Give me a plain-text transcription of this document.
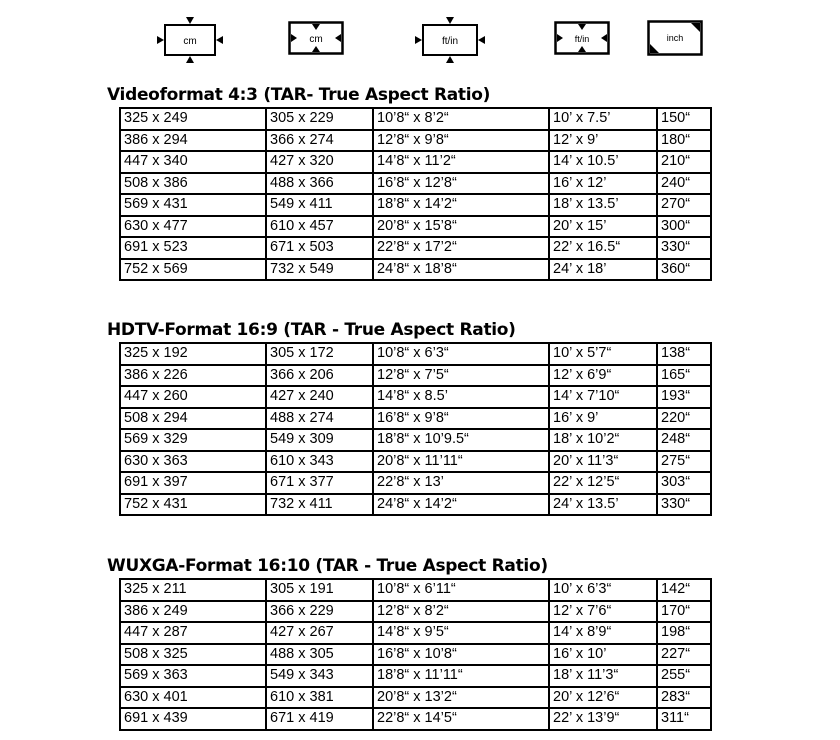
cm	cm	ft/in	ft/in	inch
Videoformat 4:3 (TAR- True Aspect Ratio)
325 x 249	305 x 229	10’8“ x 8’2“	10’ x 7.5’	150“
386 x 294	366 x 274	12’8“ x 9’8“	12’ x 9’	180“
447 x 340	427 x 320	14’8“ x 11’2“	14’ x 10.5’	210“
508 x 386	488 x 366	16’8“ x 12’8“	16’ x 12’	240“
569 x 431	549 x 411	18’8“ x 14’2“	18’ x 13.5’	270“
630 x 477	610 x 457	20’8“ x 15’8“	20’ x 15’	300“
691 x 523	671 x 503	22’8“ x 17’2“	22’ x 16.5“	330“
752 x 569	732 x 549	24’8“ x 18’8“	24’ x 18’	360“
HDTV-Format 16:9 (TAR - True Aspect Ratio)
325 x 192	305 x 172	10’8“ x 6’3“	10’ x 5’7“	138“
386 x 226	366 x 206	12’8“ x 7’5“	12’ x 6’9“	165“
447 x 260	427 x 240	14’8“ x 8.5’	14’ x 7’10“	193“
508 x 294	488 x 274	16’8“ x 9’8“	16’ x 9’	220“
569 x 329	549 x 309	18’8“ x 10’9.5“	18’ x 10’2“	248“
630 x 363	610 x 343	20’8“ x 11’11“	20’ x 11’3“	275“
691 x 397	671 x 377	22’8“ x 13’	22’ x 12’5“	303“
752 x 431	732 x 411	24’8“ x 14’2“	24’ x 13.5’	330“
WUXGA-Format 16:10 (TAR - True Aspect Ratio)
325 x 211	305 x 191	10’8“ x 6’11“	10’ x 6’3“	142“
386 x 249	366 x 229	12’8“ x 8’2“	12’ x 7’6“	170“
447 x 287	427 x 267	14’8“ x 9’5“	14’ x 8’9“	198“
508 x 325	488 x 305	16’8“ x 10’8“	16’ x 10’	227“
569 x 363	549 x 343	18’8“ x 11’11“	18’ x 11’3“	255“
630 x 401	610 x 381	20’8“ x 13’2“	20’ x 12’6“	283“
691 x 439	671 x 419	22’8“ x 14’5“	22’ x 13’9“	311“
